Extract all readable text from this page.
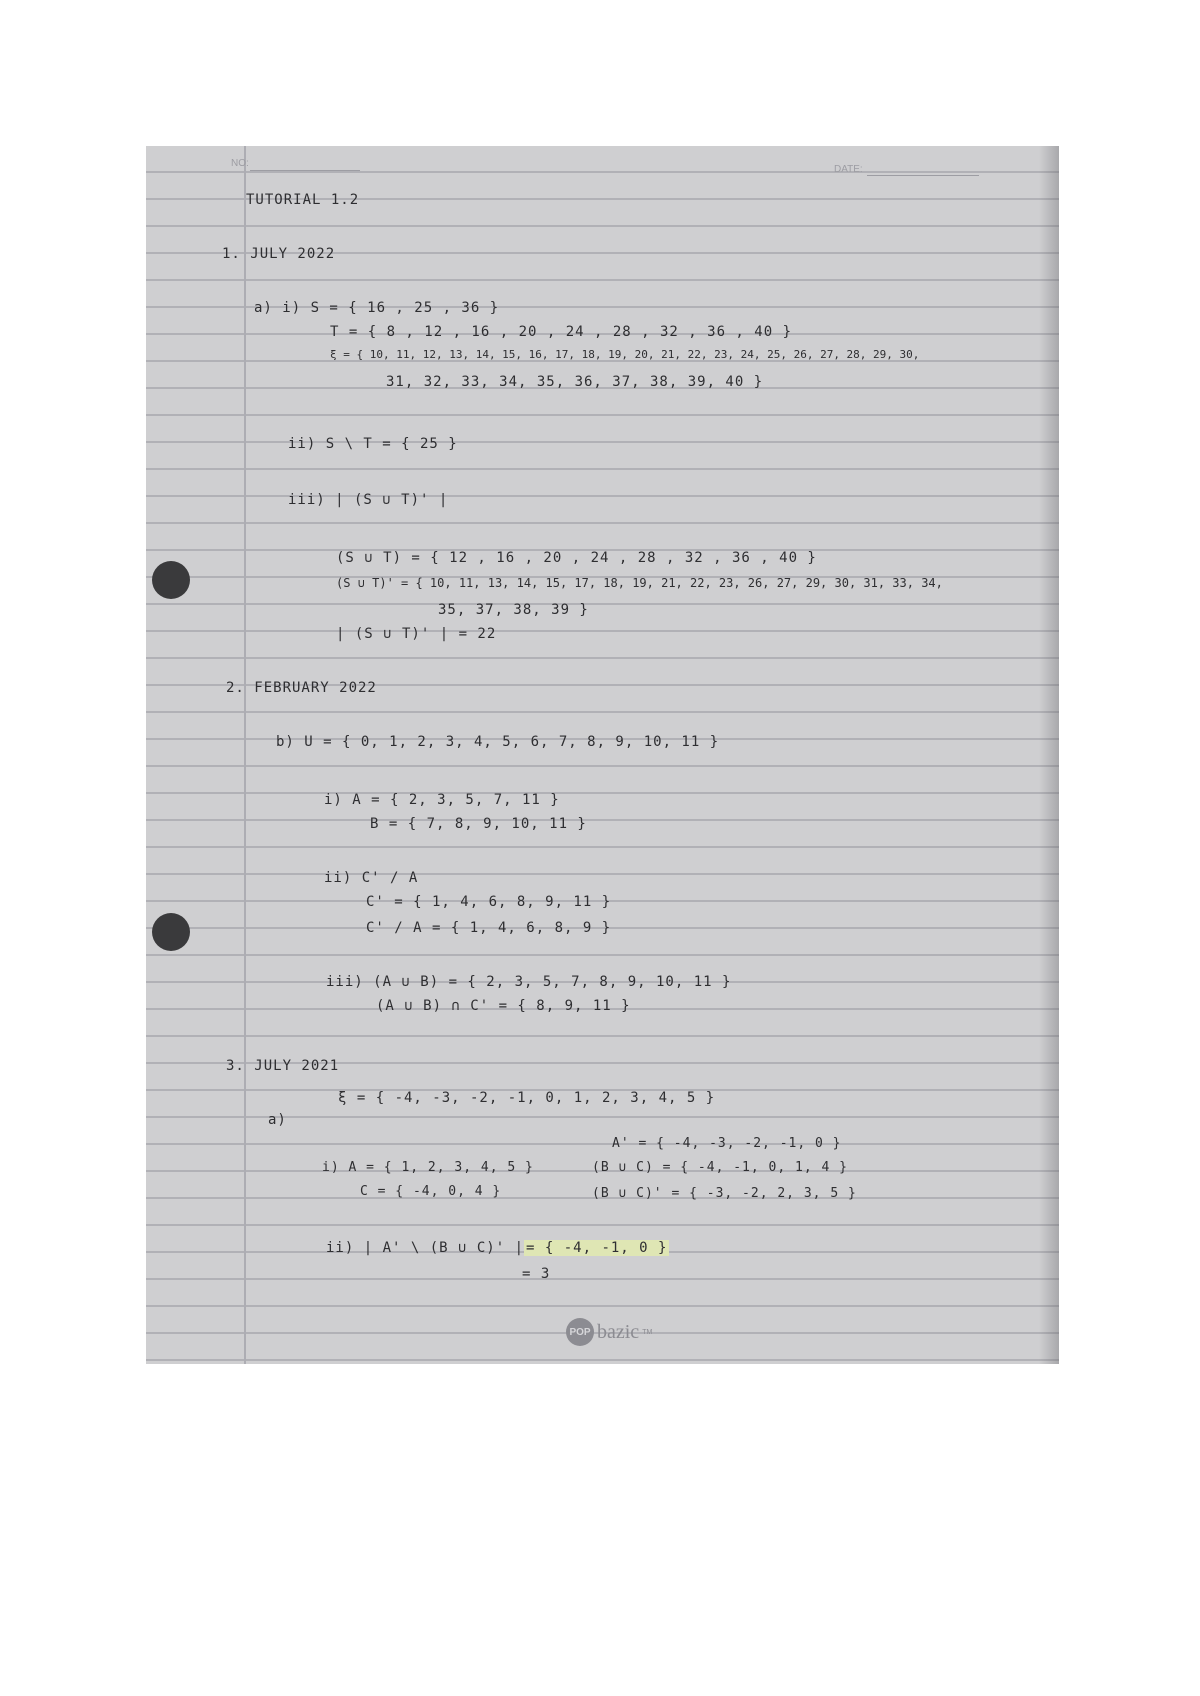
NO:
DATE:
TUTORIAL 1.2
1. JULY 2022
a) i) S = { 16 , 25 , 36 }
T = { 8 , 12 , 16 , 20 , 24 , 28 , 32 , 36 , 40 }
ξ = { 10, 11, 12, 13, 14, 15, 16, 17, 18, 19, 20, 21, 22, 23, 24, 25, 26, 27, 28, 29, 30,
31, 32, 33, 34, 35, 36, 37, 38, 39, 40 }
ii) S \ T = { 25 }
iii) | (S ∪ T)' |
(S ∪ T) = { 12 , 16 , 20 , 24 , 28 , 32 , 36 , 40 }
(S ∪ T)' = { 10, 11, 13, 14, 15, 17, 18, 19, 21, 22, 23, 26, 27, 29, 30, 31, 33, 34,
35, 37, 38, 39 }
| (S ∪ T)' | = 22
2. FEBRUARY 2022
b) U = { 0, 1, 2, 3, 4, 5, 6, 7, 8, 9, 10, 11 }
i) A = { 2, 3, 5, 7, 11 }
B = { 7, 8, 9, 10, 11 }
ii) C' / A
C' = { 1, 4, 6, 8, 9, 11 }
C' / A = { 1, 4, 6, 8, 9 }
iii) (A ∪ B) = { 2, 3, 5, 7, 8, 9, 10, 11 }
(A ∪ B) ∩ C' = { 8, 9, 11 }
3. JULY 2021
ξ = { -4, -3, -2, -1, 0, 1, 2, 3, 4, 5 }
a)
i) A = { 1, 2, 3, 4, 5 }
C = { -4, 0, 4 }
A' = { -4, -3, -2, -1, 0 }
(B ∪ C) = { -4, -1, 0, 1, 4 }
(B ∪ C)' = { -3, -2, 2, 3, 5 }
ii) | A' \ (B ∪ C)' | = { -4, -1, 0 }
= 3
POP bazic TM
